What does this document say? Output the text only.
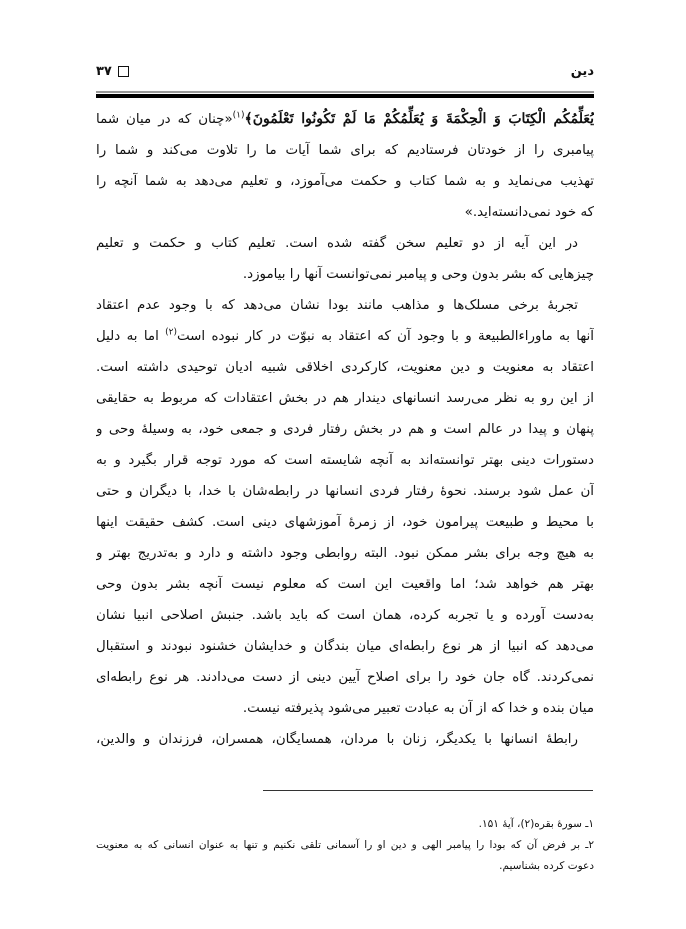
دین
۳۷
يُعَلِّمُكُم الْكِتَابَ وَ الْحِكْمَةَ وَ يُعَلِّمُكُمْ مَا لَمْ تَكُونُوا تَعْلَمُونَ﴾$^{(۱)}$«چنان که در میان شما
پیامبری را از خودتان فرستادیم که برای شما آیات ما را تلاوت می‌کند و شما را
تهذیب می‌نماید و به شما کتاب و حکمت می‌آموزد، و تعلیم می‌دهد به شما آنچه را
که خود نمی‌دانسته‌اید.»
در این آیه از دو تعلیم سخن گفته شده است. تعلیم کتاب و حکمت و تعلیم
چیزهایی که بشر بدون وحی و پیامبر نمی‌توانست آنها را بیاموزد.
تجربهٔ برخی مسلک‌ها و مذاهب مانند بودا نشان می‌دهد که با وجود عدم اعتقاد
آنها به ماوراءالطبیعة و با وجود آن که اعتقاد به نبوّت در کار نبوده است$^{(۲)}$ اما به دلیل
اعتقاد به معنویت و دین معنویت، کارکردی اخلاقی شبیه ادیان توحیدی داشته است.
از این رو به نظر می‌رسد انسانهای دیندار هم در بخش اعتقادات که مربوط به حقایقی
پنهان و پیدا در عالم است و هم در بخش رفتار فردی و جمعی خود، به وسیلهٔ وحی و
دستورات دینی بهتر توانسته‌اند به آنچه شایسته است که مورد توجه قرار بگیرد و به
آن عمل شود برسند. نحوهٔ رفتار فردی انسانها در رابطه‌شان با خدا، با دیگران و حتی
با محیط و طبیعت پیرامون خود، از زمرهٔ آموزشهای دینی است. کشف حقیقت اینها
به هیچ وجه برای بشر ممکن نبود. البته روابطی وجود داشته و دارد و به‌تدریج بهتر و
بهتر هم خواهد شد؛ اما واقعیت این است که معلوم نیست آنچه بشر بدون وحی
به‌دست آورده و یا تجربه کرده، همان است که باید باشد. جنبش اصلاحی انبیا نشان
می‌دهد که انبیا از هر نوع رابطه‌ای میان بندگان و خدایشان خشنود نبودند و استقبال
نمی‌کردند. گاه جان خود را برای اصلاح آیین دینی از دست می‌دادند. هر نوع رابطه‌ای
میان بنده و خدا که از آن به عبادت تعبیر می‌شود پذیرفته نیست.
رابطهٔ انسانها با یکدیگر، زنان با مردان، همسایگان، همسران، فرزندان و والدین،
۱ـ سورهٔ بقره(۲)، آیهٔ ۱۵۱.
۲ـ بر فرض آن که بودا را پیامبر الهی و دین او را آسمانی تلقی نکنیم و تنها به عنوان انسانی که به معنویت
دعوت کرده بشناسیم.
